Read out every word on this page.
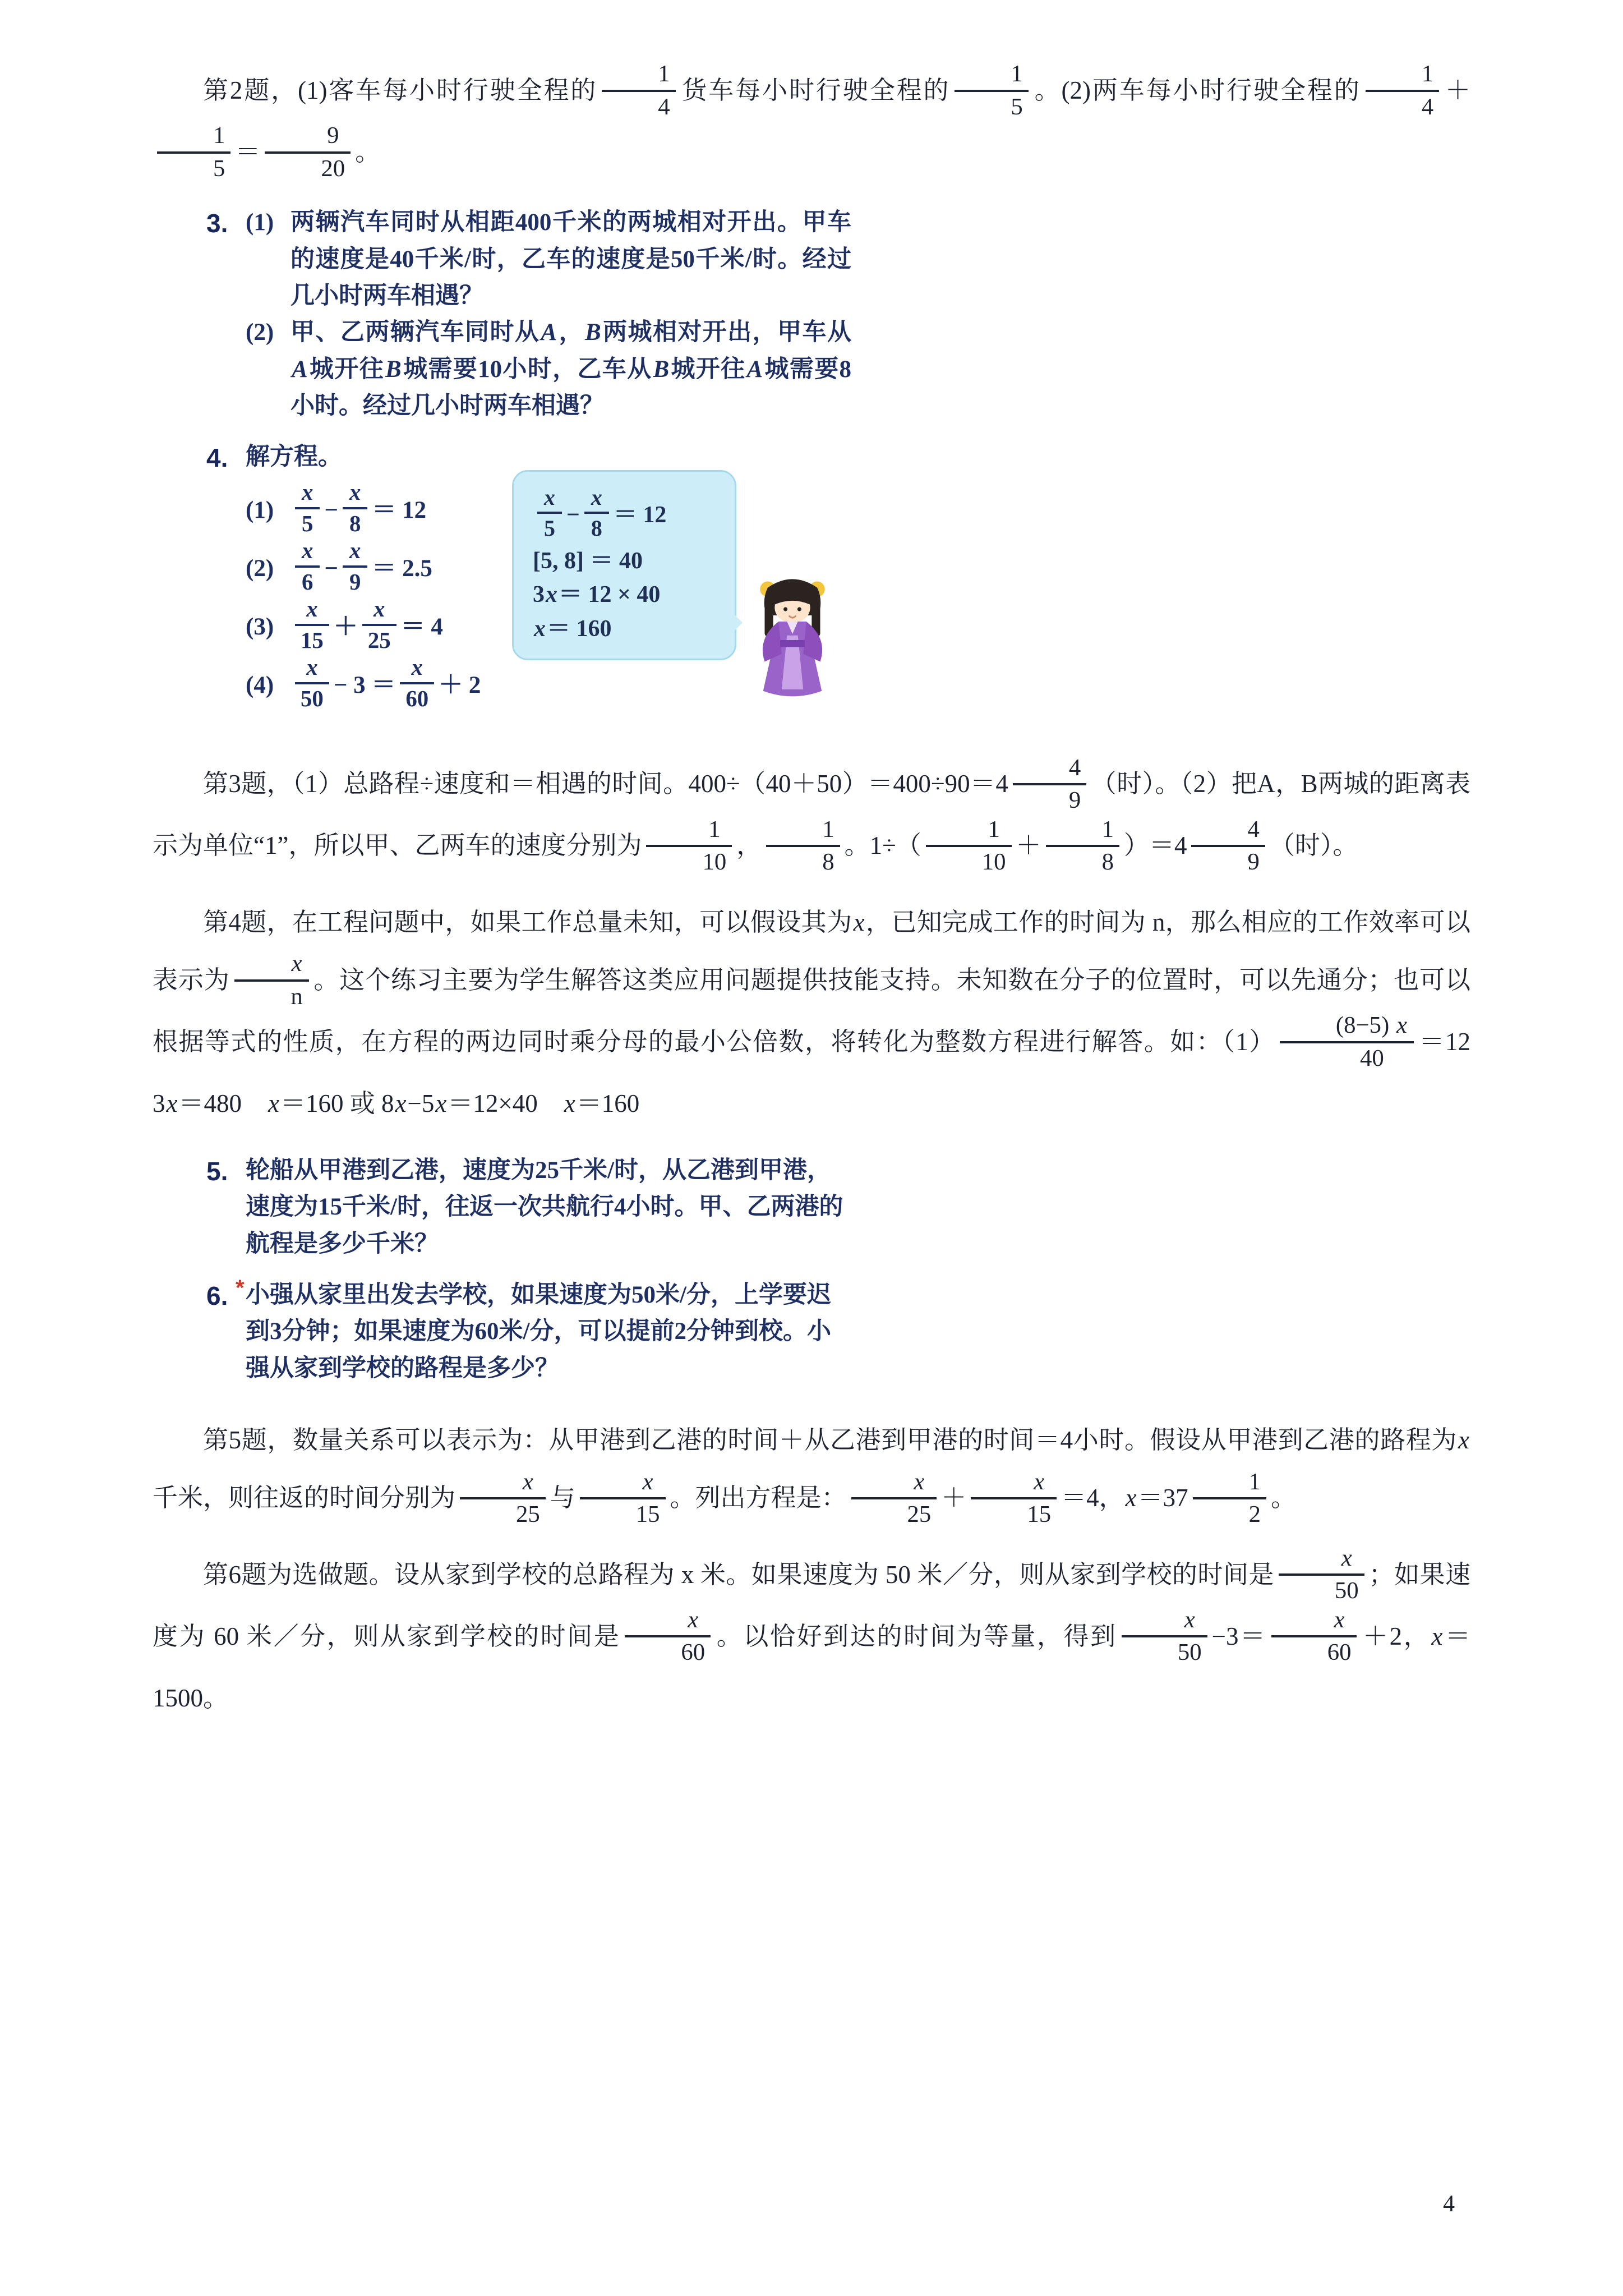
第2题，(1)客车每小时行驶全程的 $\frac{1}{4}$ 货车每小时行驶全程的 $\frac{1}{5}$ 。(2)两车每小时行驶全程的 $\frac{1}{4}$ ＋
$\frac{1}{5} = \frac{9}{20}$ 。

3. (1) 两辆汽车同时从相距400千米的两城相对开出。甲车的速度是40千米/时，乙车的速度是50千米/时。经过几小时两车相遇？
(2) 甲、乙两辆汽车同时从A，B两城相对开出，甲车从A城开往B城需要10小时，乙车从B城开往A城需要8小时。经过几小时两车相遇？
4. 解方程。
$(1) \frac{x}{5} - \frac{x}{8} = 12$
$(2) \frac{x}{6} - \frac{x}{9} = 2.5$
$(3) \frac{x}{15} + \frac{x}{25} = 4$
$(4) \frac{x}{50} - 3 = \frac{x}{60} + 2$
$\frac{x}{5} - \frac{x}{8} = 12$
[5, 8] ＝ 40
3 x ＝ 12 × 40
x ＝ 160

第3题，（1）总路程÷速度和＝相遇的时间。$400\div(40+50)=400\div 90=4 \frac{4}{9}$ （时）。（2）把A，B两城的距离表示为单位“1”，所以甲、乙两车的速度分别为 $\frac{1}{10}$ ， $\frac{1}{8}$ 。$1\div( \frac{1}{10} + \frac{1}{8} )=4 \frac{4}{9}$ （时）。

第4题，在工程问题中，如果工作总量未知，可以假设其为x，已知完成工作的时间为 n，那么相应的工作效率可以表示为 $\frac{x}{n}$ 。这个练习主要为学生解答这类应用问题提供技能支持。未知数在分子的位置时，可以先通分；也可以根据等式的性质，在方程的两边同时乘分母的最小公倍数，将转化为整数方程进行解答。如：$(1) \frac{(8-5) x}{40} =12$　3x＝480　x＝160 或 8x−5x＝12×40　x＝160

5. 轮船从甲港到乙港，速度为25千米/时，从乙港到甲港，速度为15千米/时，往返一次共航行4小时。甲、乙两港的航程是多少千米？
6. * 小强从家里出发去学校，如果速度为50米/分，上学要迟到3分钟；如果速度为60米/分，可以提前2分钟到校。小强从家到学校的路程是多少？

第5题，数量关系可以表示为：从甲港到乙港的时间＋从乙港到甲港的时间＝4小时。假设从甲港到乙港的路程为x千米，则往返的时间分别为 $\frac{x}{25}$ 与 $\frac{x}{15}$ 。列出方程是： $\frac{x}{25} + \frac{x}{15} =4$，$x=37 \frac{1}{2}$ 。

第6题为选做题。设从家到学校的总路程为 x 米。如果速度为 50 米／分，则从家到学校的时间是 $\frac{x}{50}$ ；如果速度为 60 米／分，则从家到学校的时间是 $\frac{x}{60}$ 。以恰好到达的时间为等量，得到 $\frac{x}{50} -3= \frac{x}{60} +2$，x＝1500。

4
